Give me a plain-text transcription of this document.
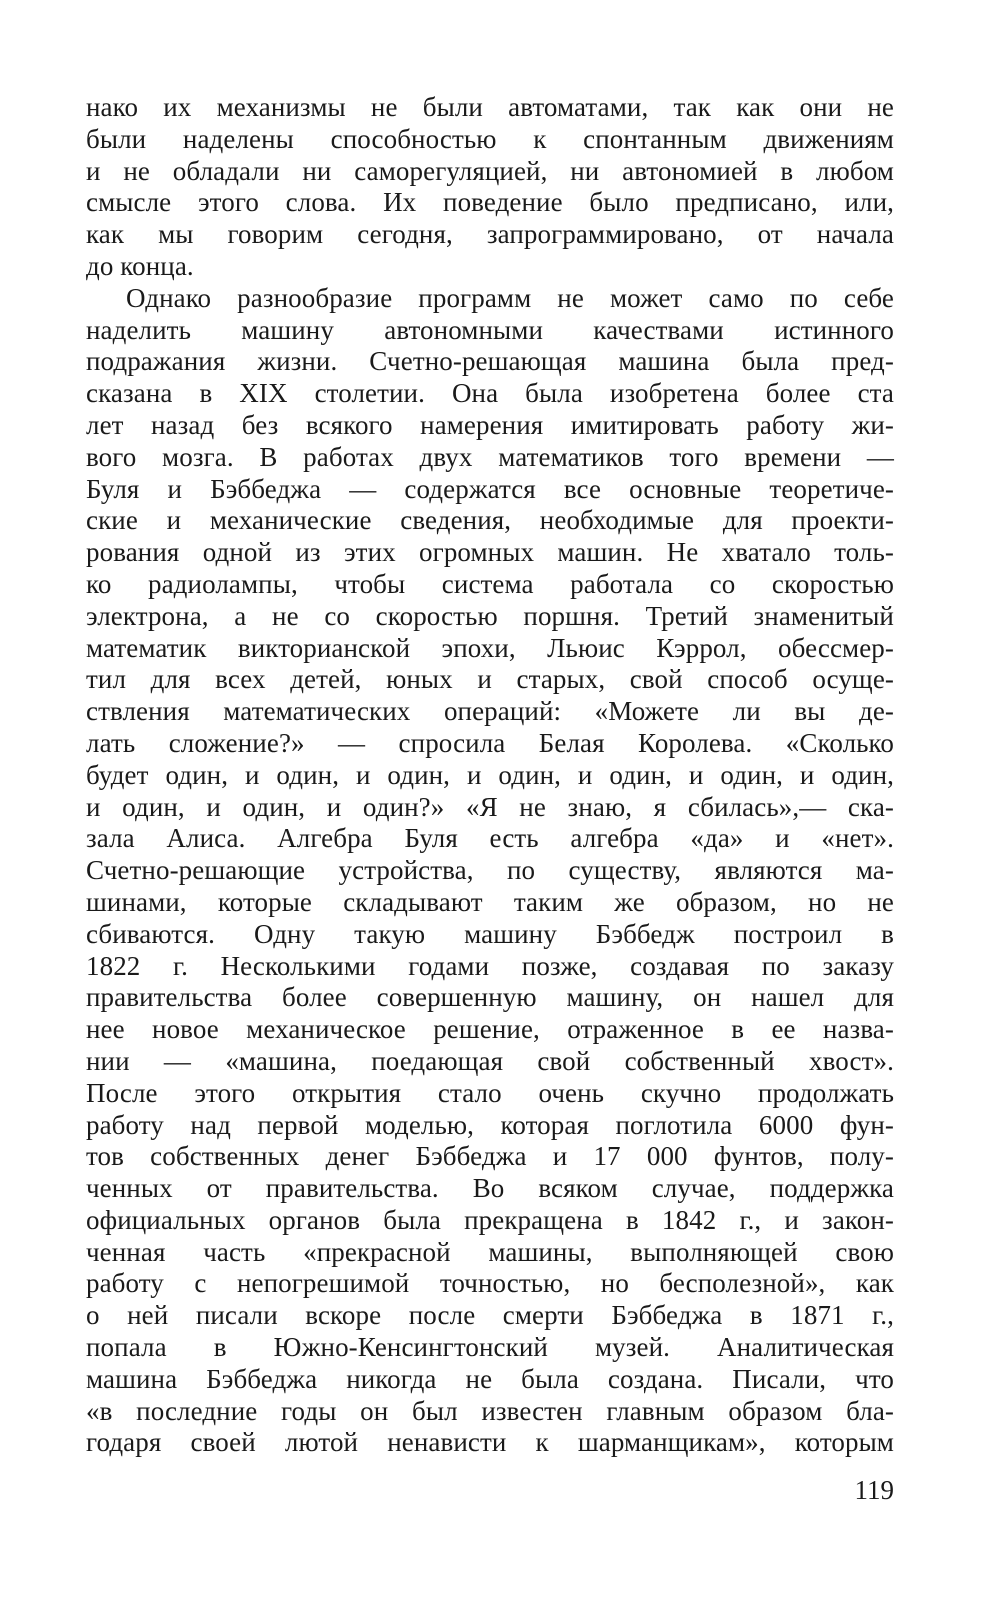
нако их механизмы не были автоматами, так как они не
были наделены способностью к спонтанным движениям
и не обладали ни саморегуляцией, ни автономией в любом
смысле этого слова. Их поведение было предписано, или,
как мы говорим сегодня, запрограммировано, от начала
до конца.
Однако разнообразие программ не может само по себе
наделить машину автономными качествами истинного
подражания жизни. Счетно-решающая машина была пред-
сказана в XIX столетии. Она была изобретена более ста
лет назад без всякого намерения имитировать работу жи-
вого мозга. В работах двух математиков того времени —
Буля и Бэббеджа — содержатся все основные теоретиче-
ские и механические сведения, необходимые для проекти-
рования одной из этих огромных машин. Не хватало толь-
ко радиолампы, чтобы система работала со скоростью
электрона, а не со скоростью поршня. Третий знаменитый
математик викторианской эпохи, Льюис Кэррол, обессмер-
тил для всех детей, юных и старых, свой способ осуще-
ствления математических операций: «Можете ли вы де-
лать сложение?» — спросила Белая Королева. «Сколько
будет один, и один, и один, и один, и один, и один, и один,
и один, и один, и один?» «Я не знаю, я сбилась»,— ска-
зала Алиса. Алгебра Буля есть алгебра «да» и «нет».
Счетно-решающие устройства, по существу, являются ма-
шинами, которые складывают таким же образом, но не
сбиваются. Одну такую машину Бэббедж построил в
1822 г. Несколькими годами позже, создавая по заказу
правительства более совершенную машину, он нашел для
нее новое механическое решение, отраженное в ее назва-
нии — «машина, поедающая свой собственный хвост».
После этого открытия стало очень скучно продолжать
работу над первой моделью, которая поглотила 6000 фун-
тов собственных денег Бэббеджа и 17 000 фунтов, полу-
ченных от правительства. Во всяком случае, поддержка
официальных органов была прекращена в 1842 г., и закон-
ченная часть «прекрасной машины, выполняющей свою
работу с непогрешимой точностью, но бесполезной», как
о ней писали вскоре после смерти Бэббеджа в 1871 г.,
попала в Южно-Кенсингтонский музей. Аналитическая
машина Бэббеджа никогда не была создана. Писали, что
«в последние годы он был известен главным образом бла-
годаря своей лютой ненависти к шарманщикам», которым
119
